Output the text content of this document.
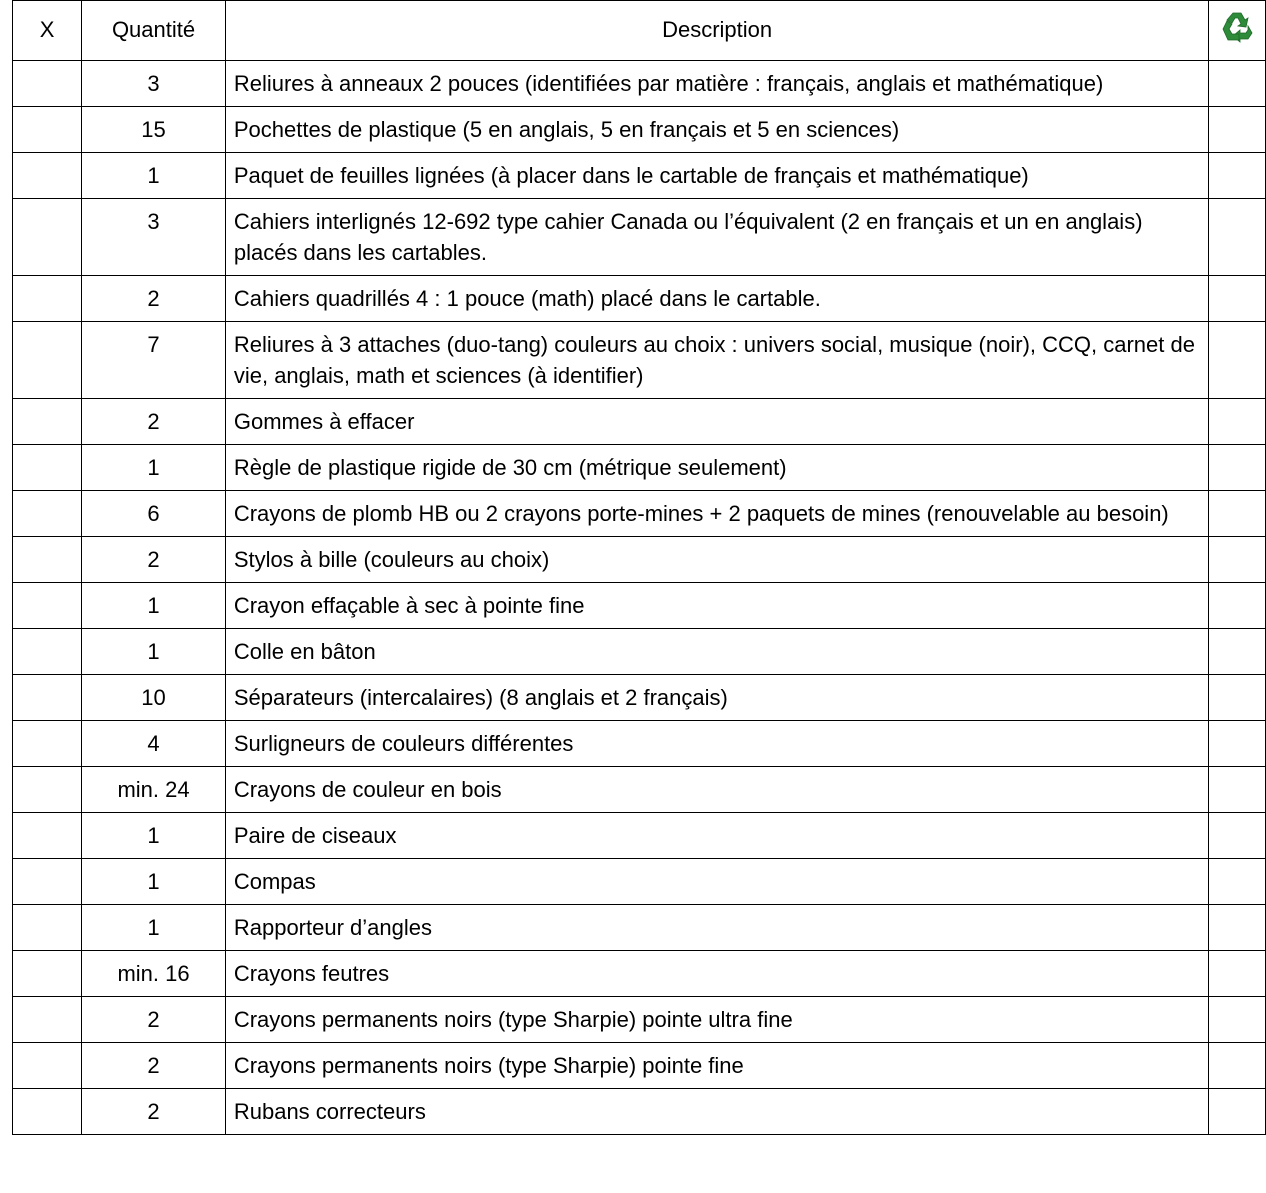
X	Quantité	Description	

	3	Reliures à anneaux 2 pouces (identifiées par matière : français, anglais et mathématique)	
	15	Pochettes de plastique (5 en anglais, 5 en français et 5 en sciences)	
	1	Paquet de feuilles lignées (à placer dans le cartable de français et mathématique)	
	3	Cahiers interlignés 12-692 type cahier Canada ou l’équivalent (2 en français et un en anglais) placés dans les cartables.	
	2	Cahiers quadrillés 4 : 1 pouce (math) placé dans le cartable.	
	7	Reliures à 3 attaches (duo-tang) couleurs au choix : univers social, musique (noir), CCQ, carnet de vie, anglais, math et sciences (à identifier)	
	2	Gommes à effacer	
	1	Règle de plastique rigide de 30 cm (métrique seulement)	
	6	Crayons de plomb HB ou 2 crayons porte-mines + 2 paquets de mines (renouvelable au besoin)	
	2	Stylos à bille (couleurs au choix)	
	1	Crayon effaçable à sec à pointe fine	
	1	Colle en bâton	
	10	Séparateurs (intercalaires) (8 anglais et 2 français)	
	4	Surligneurs de couleurs différentes	
	min. 24	Crayons de couleur en bois	
	1	Paire de ciseaux	
	1	Compas	
	1	Rapporteur d’angles	
	min. 16	Crayons feutres	
	2	Crayons permanents noirs (type Sharpie) pointe ultra fine	
	2	Crayons permanents noirs (type Sharpie) pointe fine	
	2	Rubans correcteurs	
